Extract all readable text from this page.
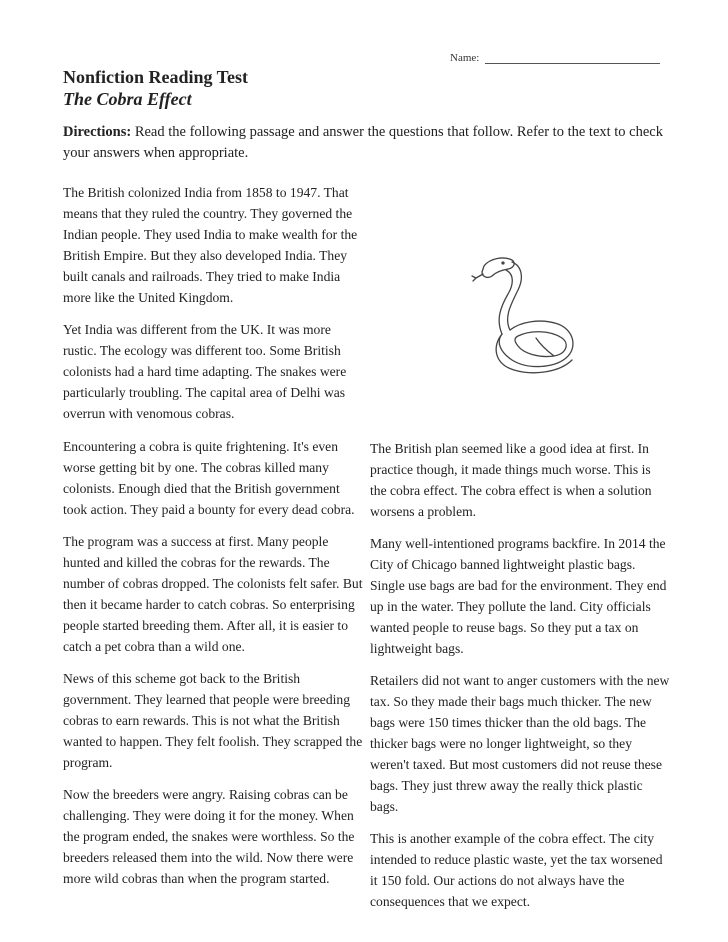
Name:
Nonfiction Reading Test
The Cobra Effect

Directions: Read the following passage and answer the questions that follow. Refer to the text to check your answers when appropriate.

The British colonized India from 1858 to 1947. That means that they ruled the country. They governed the Indian people. They used India to make wealth for the British Empire. But they also developed India. They built canals and railroads. They tried to make India more like the United Kingdom.

Yet India was different from the UK. It was more rustic. The ecology was different too. Some British colonists had a hard time adapting. The snakes were particularly troubling. The capital area of Delhi was overrun with venomous cobras.

Encountering a cobra is quite frightening. It's even worse getting bit by one. The cobras killed many colonists. Enough died that the British government took action. They paid a bounty for every dead cobra.

The program was a success at first. Many people hunted and killed the cobras for the rewards. The number of cobras dropped. The colonists felt safer. But then it became harder to catch cobras. So enterprising people started breeding them. After all, it is easier to catch a pet cobra than a wild one.

News of this scheme got back to the British government. They learned that people were breeding cobras to earn rewards. This is not what the British wanted to happen. They felt foolish. They scrapped the program.

Now the breeders were angry. Raising cobras can be challenging. They were doing it for the money. When the program ended, the snakes were worthless. So the breeders released them into the wild. Now there were more wild cobras than when the program started.

The British plan seemed like a good idea at first. In practice though, it made things much worse. This is the cobra effect. The cobra effect is when a solution worsens a problem.

Many well-intentioned programs backfire. In 2014 the City of Chicago banned lightweight plastic bags. Single use bags are bad for the environment. They end up in the water. They pollute the land. City officials wanted people to reuse bags. So they put a tax on lightweight bags.

Retailers did not want to anger customers with the new tax. So they made their bags much thicker. The new bags were 150 times thicker than the old bags. The thicker bags were no longer lightweight, so they weren't taxed. But most customers did not reuse these bags. They just threw away the really thick plastic bags.

This is another example of the cobra effect. The city intended to reduce plastic waste, yet the tax worsened it 150 fold. Our actions do not always have the consequences that we expect.
